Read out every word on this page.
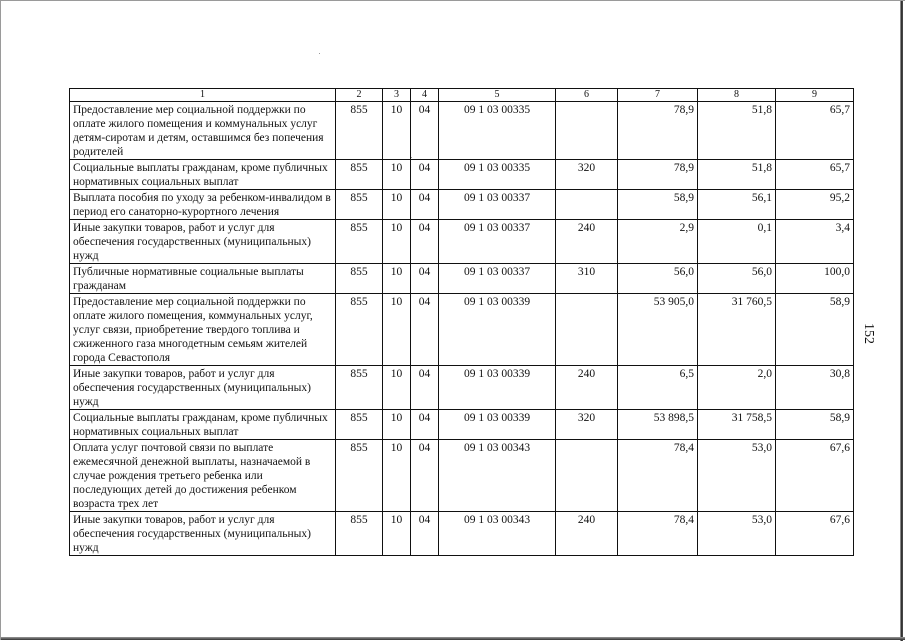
1	2	3	4	5	6	7	8	9
Предоставление мер социальной поддержки по оплате жилого помещения и коммунальных услуг детям-сиротам и детям, оставшимся без попечения родителей	855	10	04	09 1 03 00335		78,9	51,8	65,7
Социальные выплаты гражданам, кроме публичных нормативных социальных выплат	855	10	04	09 1 03 00335	320	78,9	51,8	65,7
Выплата пособия по уходу за ребенком-инвалидом в период его санаторно-курортного лечения	855	10	04	09 1 03 00337		58,9	56,1	95,2
Иные закупки товаров, работ и услуг для обеспечения государственных (муниципальных) нужд	855	10	04	09 1 03 00337	240	2,9	0,1	3,4
Публичные нормативные социальные выплаты гражданам	855	10	04	09 1 03 00337	310	56,0	56,0	100,0
Предоставление мер социальной поддержки по оплате жилого помещения, коммунальных услуг, услуг связи, приобретение твердого топлива и сжиженного газа многодетным семьям жителей города Севастополя	855	10	04	09 1 03 00339		53 905,0	31 760,5	58,9
Иные закупки товаров, работ и услуг для обеспечения государственных (муниципальных) нужд	855	10	04	09 1 03 00339	240	6,5	2,0	30,8
Социальные выплаты гражданам, кроме публичных нормативных социальных выплат	855	10	04	09 1 03 00339	320	53 898,5	31 758,5	58,9
Оплата услуг почтовой связи по выплате ежемесячной денежной выплаты, назначаемой в случае рождения третьего ребенка или последующих детей до достижения ребенком возраста трех лет	855	10	04	09 1 03 00343		78,4	53,0	67,6
Иные закупки товаров, работ и услуг для обеспечения государственных (муниципальных) нужд	855	10	04	09 1 03 00343	240	78,4	53,0	67,6
152
